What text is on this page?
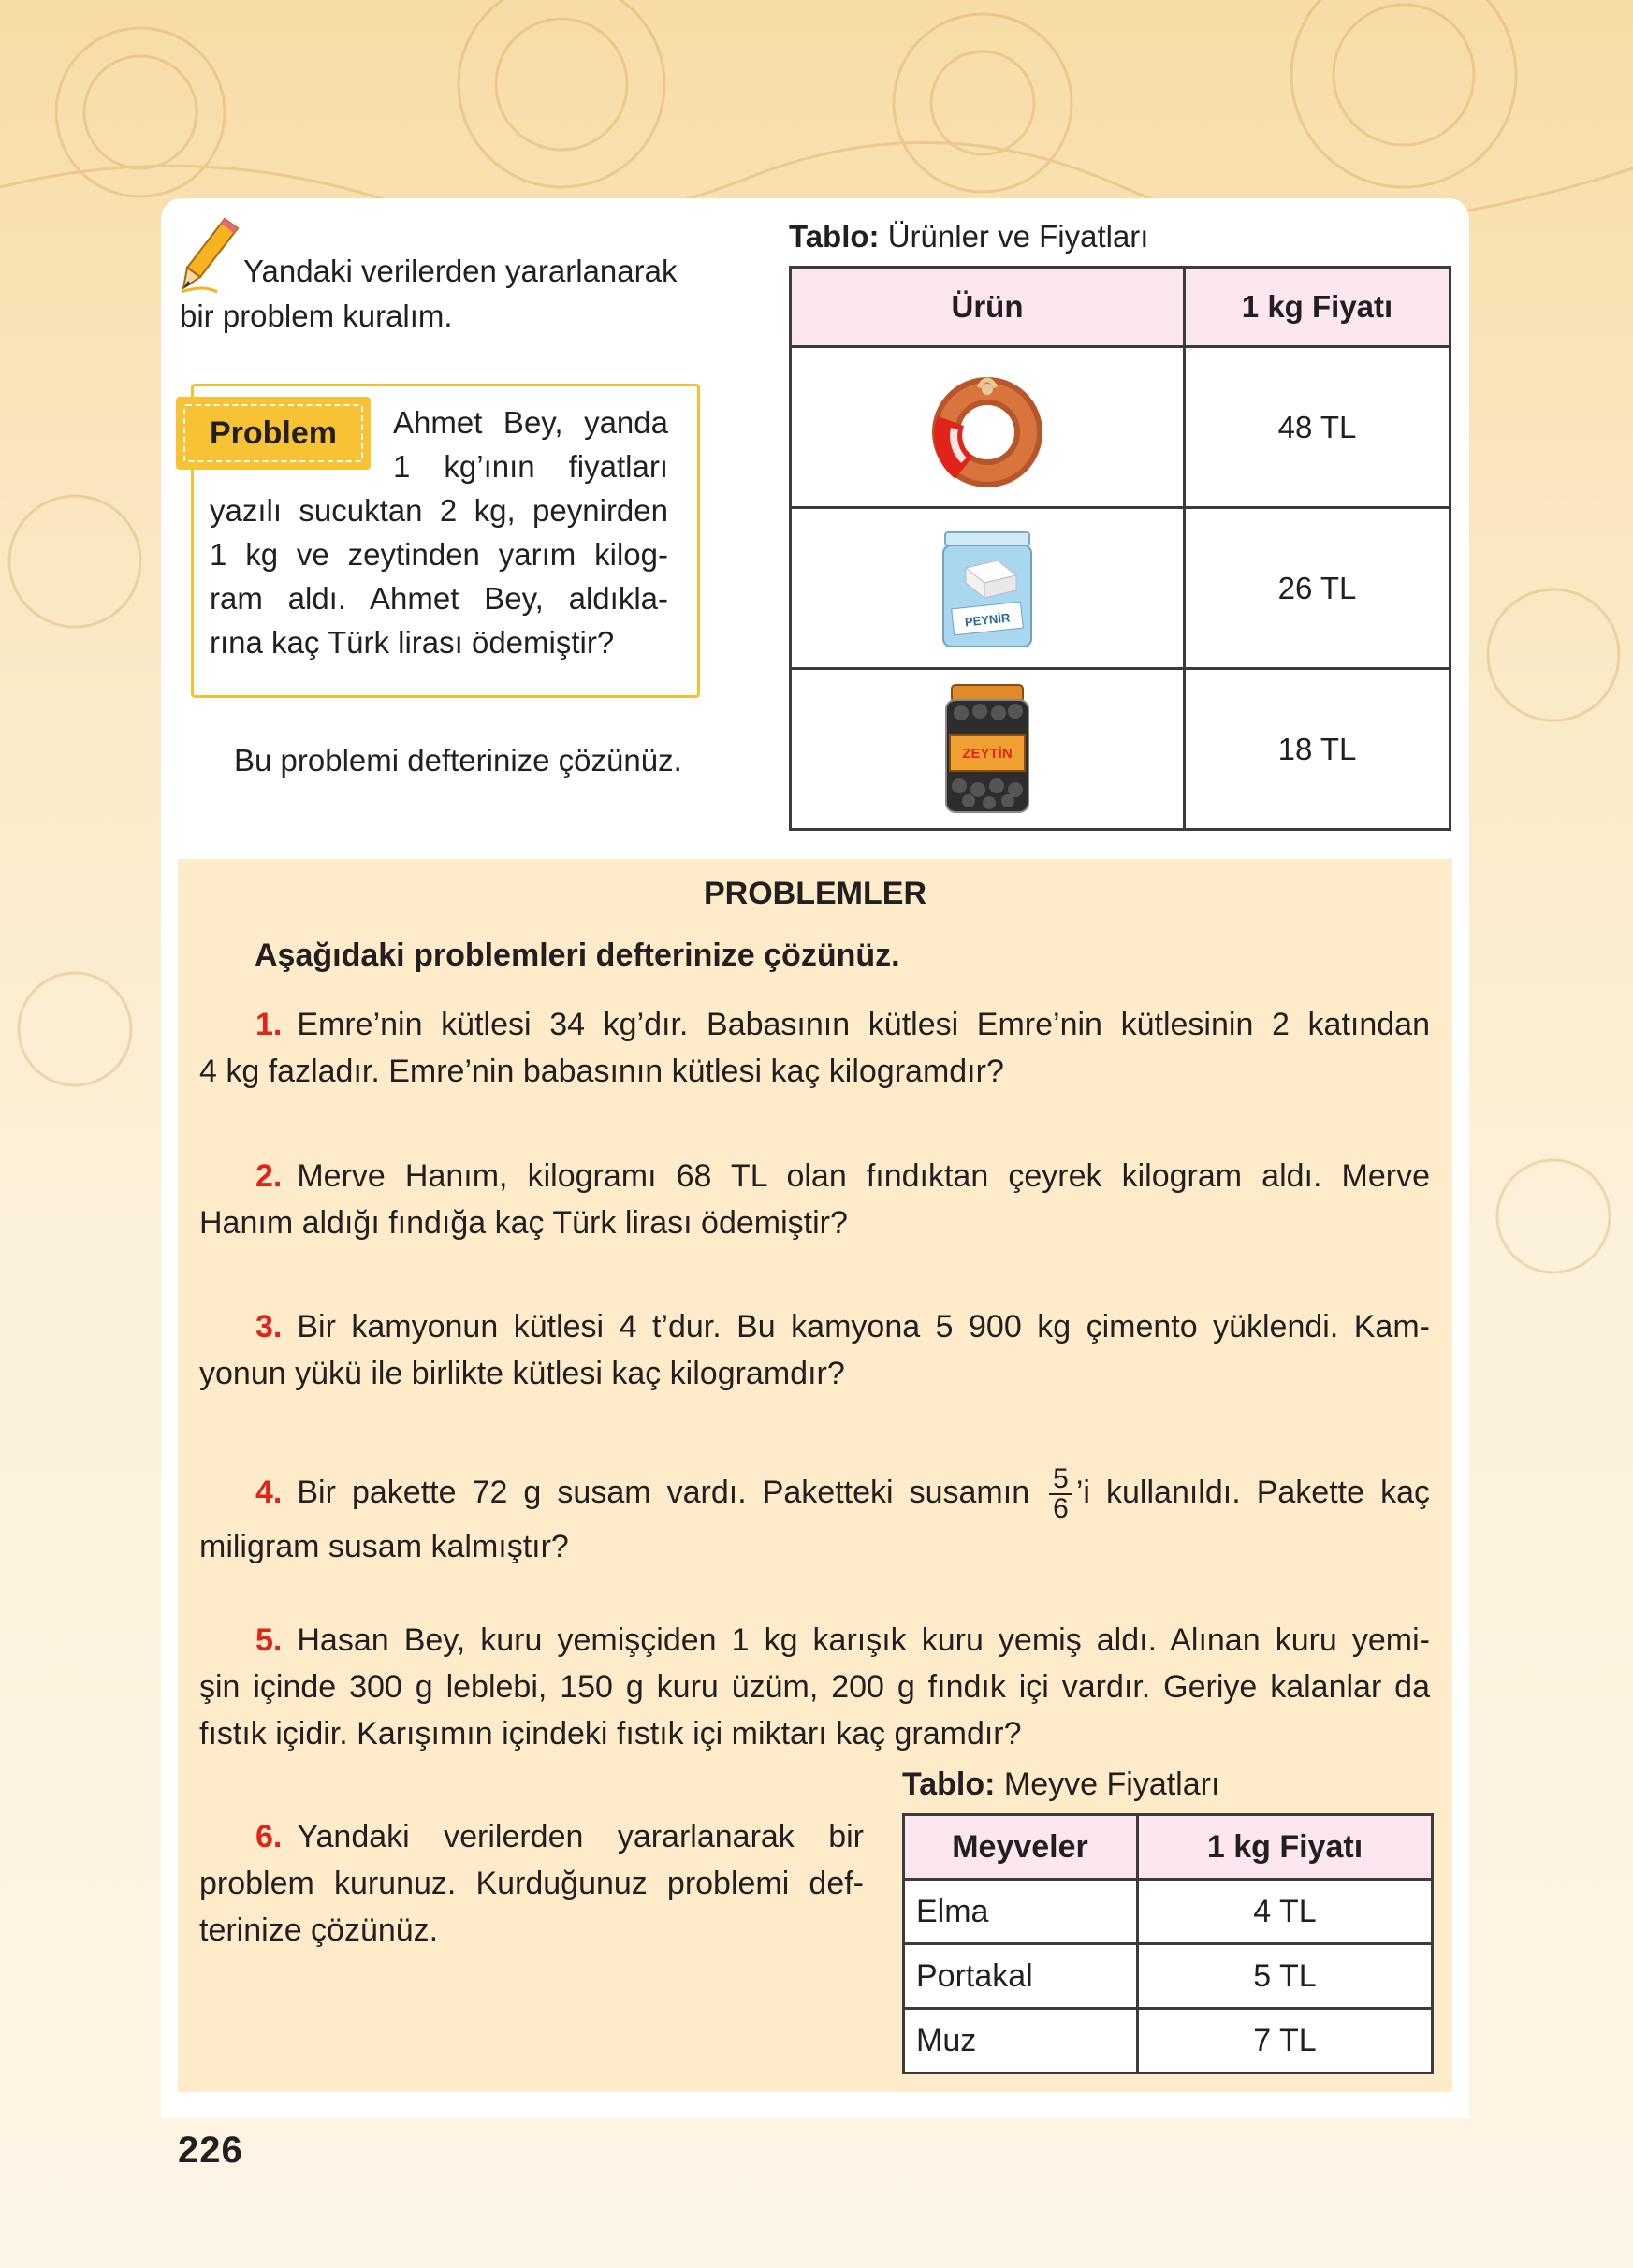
Yandaki verilerden yararlanarak
bir problem kuralım.
Problem	Ahmet Bey, yanda
1 kg’ının fiyatları
yazılı sucuktan 2 kg, peynirden
1 kg ve zeytinden yarım kilog-
ram aldı. Ahmet Bey, aldıkla-
rına kaç Türk lirası ödemiştir?
Bu problemi defterinize çözünüz.
Tablo: Ürünler ve Fiyatları
Ürün	1 kg Fiyatı

	48 TL

PEYNİR	26 TL

ZEYTİN	18 TL
PROBLEMLER
Aşağıdaki problemleri defterinize çözünüz.
1. Emre’nin kütlesi 34 kg’dır. Babasının kütlesi Emre’nin kütlesinin 2 katından
4 kg fazladır. Emre’nin babasının kütlesi kaç kilogramdır?
2. Merve Hanım, kilogramı 68 TL olan fındıktan çeyrek kilogram aldı. Merve
Hanım aldığı fındığa kaç Türk lirası ödemiştir?
3. Bir kamyonun kütlesi 4 t’dur. Bu kamyona 5 900 kg çimento yüklendi. Kam-
yonun yükü ile birlikte kütlesi kaç kilogramdır?
4. Bir pakette 72 g susam vardı. Paketteki susamın $\frac{5}{6}$ ’i kullanıldı. Pakette kaç
miligram susam kalmıştır?
5. Hasan Bey, kuru yemişçiden 1 kg karışık kuru yemiş aldı. Alınan kuru yemi-
şin içinde 300 g leblebi, 150 g kuru üzüm, 200 g fındık içi vardır. Geriye kalanlar da
fıstık içidir. Karışımın içindeki fıstık içi miktarı kaç gramdır?
6. Yandaki verilerden yararlanarak bir
problem kurunuz. Kurduğunuz problemi def-
terinize çözünüz.
Tablo: Meyve Fiyatları
Meyveler	1 kg Fiyatı
Elma	4 TL
Portakal	5 TL
Muz	7 TL
226
